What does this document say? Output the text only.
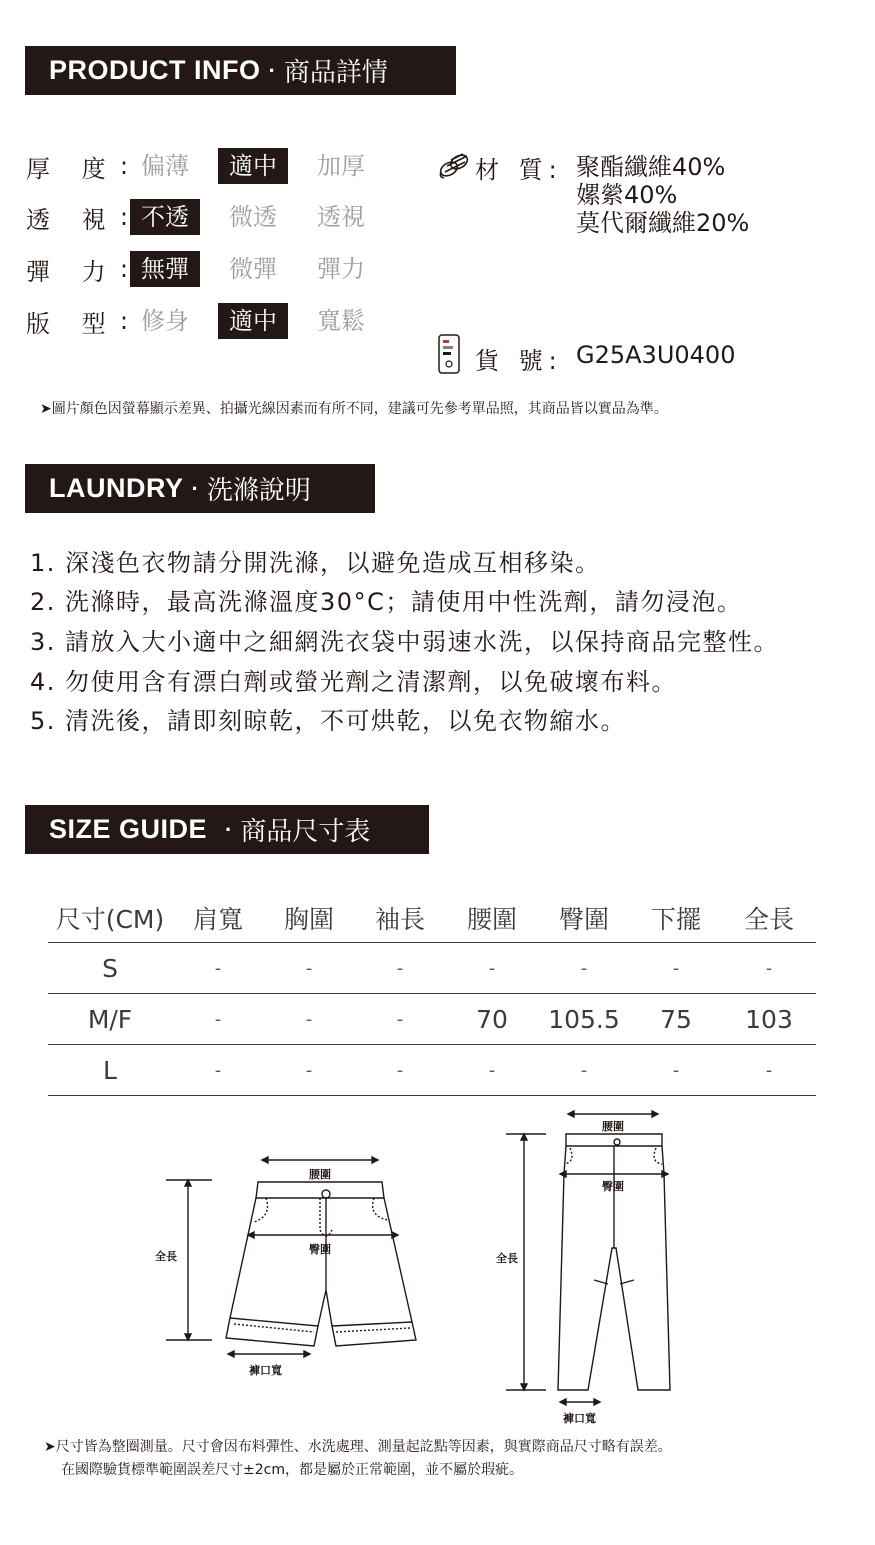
PRODUCT INFO · 商品詳情
厚 度 : 偏薄	適中	加厚
透 視 : 不透	微透	透視
彈 力 : 無彈	微彈	彈力
版 型 : 修身	適中	寬鬆
材 質: 聚酯纖維40%
嫘縈40%
莫代爾纖維20%
貨 號: G25A3U0400
➤圖片顏色因螢幕顯示差異、拍攝光線因素而有所不同，建議可先參考單品照，其商品皆以實品為準。
LAUNDRY · 洗滌說明
1. 深淺色衣物請分開洗滌，以避免造成互相移染。
2. 洗滌時，最高洗滌溫度30°C；請使用中性洗劑，請勿浸泡。
3. 請放入大小適中之細網洗衣袋中弱速水洗，以保持商品完整性。
4. 勿使用含有漂白劑或螢光劑之清潔劑，以免破壞布料。
5. 清洗後，請即刻晾乾，不可烘乾，以免衣物縮水。
SIZE GUIDE · 商品尺寸表
尺寸(CM)	肩寬	胸圍	袖長	腰圍	臀圍	下擺	全長
S	-	-	-	-	-	-	-
M/F	-	-	-	70	105.5	75	103
L	-	-	-	-	-	-	-
腰圍
臀圍
全長
褲口寬
腰圍
臀圍
全長
褲口寬
➤尺寸皆為整圈測量。尺寸會因布料彈性、水洗處理、測量起訖點等因素，與實際商品尺寸略有誤差。
在國際驗貨標準範圍誤差尺寸±2cm，都是屬於正常範圍，並不屬於瑕疵。
